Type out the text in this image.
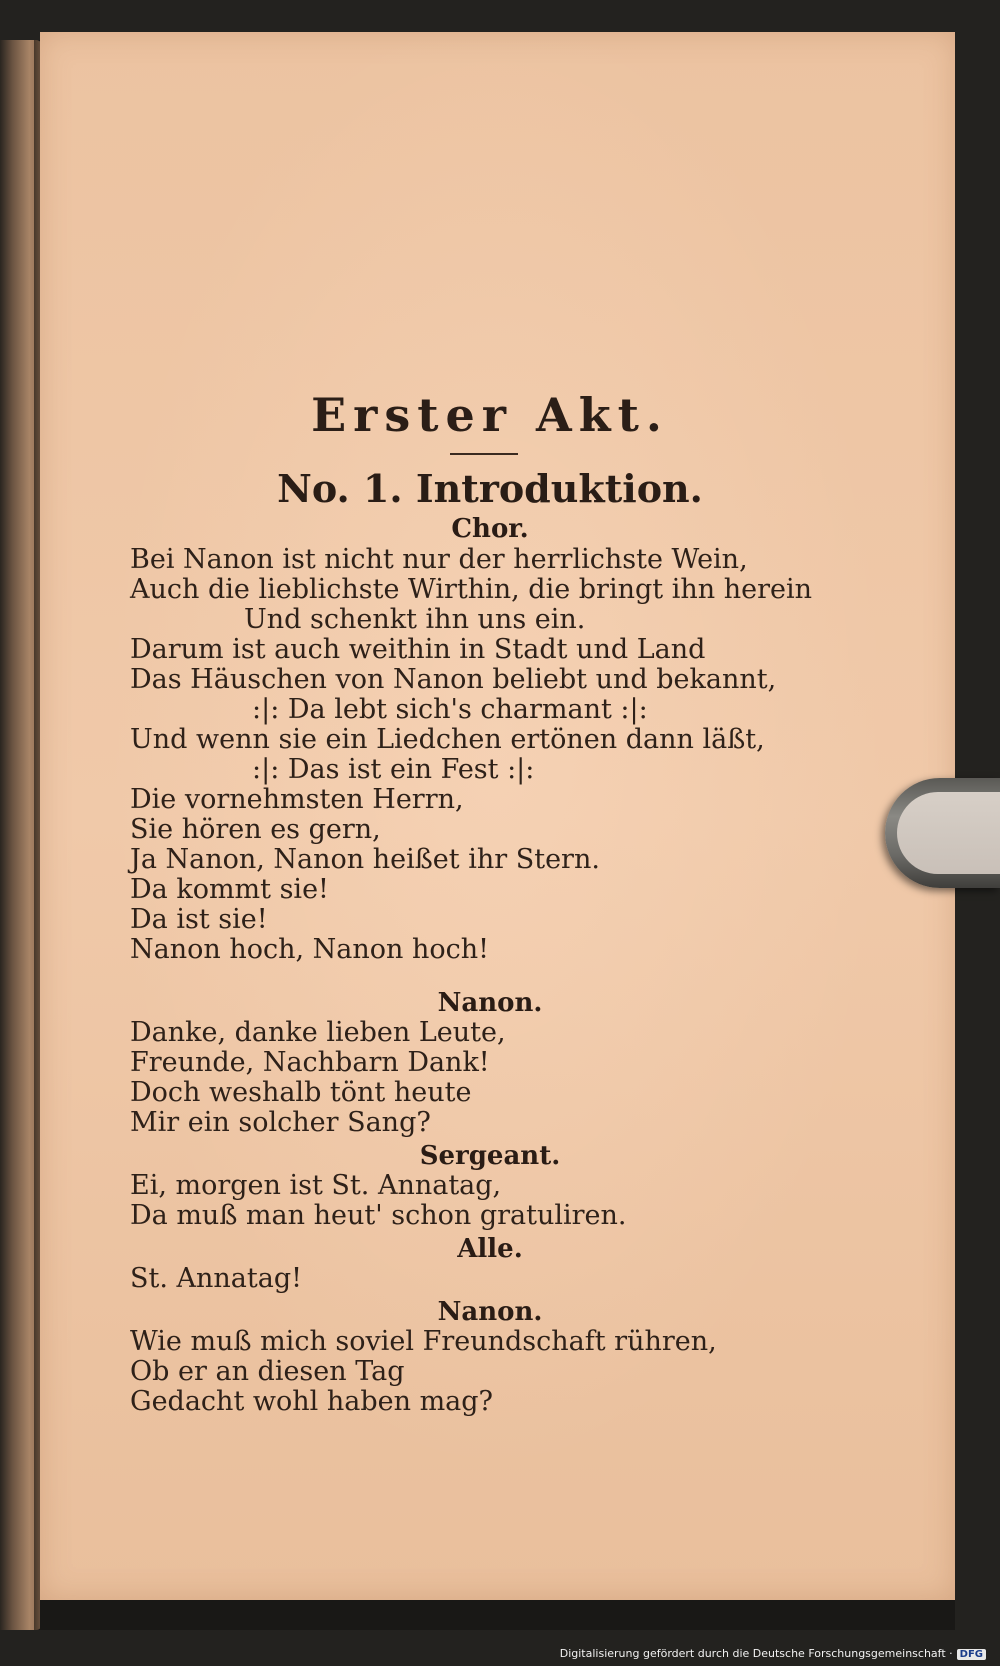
Erster Akt.
No. 1. Introduktion.
Chor.
Bei Nanon ist nicht nur der herrlichste Wein,
Auch die lieblichste Wirthin, die bringt ihn herein
Und schenkt ihn uns ein.
Darum ist auch weithin in Stadt und Land
Das Häuschen von Nanon beliebt und bekannt,
:|: Da lebt sich's charmant :|:
Und wenn sie ein Liedchen ertönen dann läßt,
:|: Das ist ein Fest :|:
Die vornehmsten Herrn,
Sie hören es gern,
Ja Nanon, Nanon heißet ihr Stern.
Da kommt sie!
Da ist sie!
Nanon hoch, Nanon hoch!
Nanon.
Danke, danke lieben Leute,
Freunde, Nachbarn Dank!
Doch weshalb tönt heute
Mir ein solcher Sang?
Sergeant.
Ei, morgen ist St. Annatag,
Da muß man heut' schon gratuliren.
Alle.
St. Annatag!
Nanon.
Wie muß mich soviel Freundschaft rühren,
Ob er an diesen Tag
Gedacht wohl haben mag?
Digitalisierung gefördert durch die Deutsche Forschungsgemeinschaft · DFG
